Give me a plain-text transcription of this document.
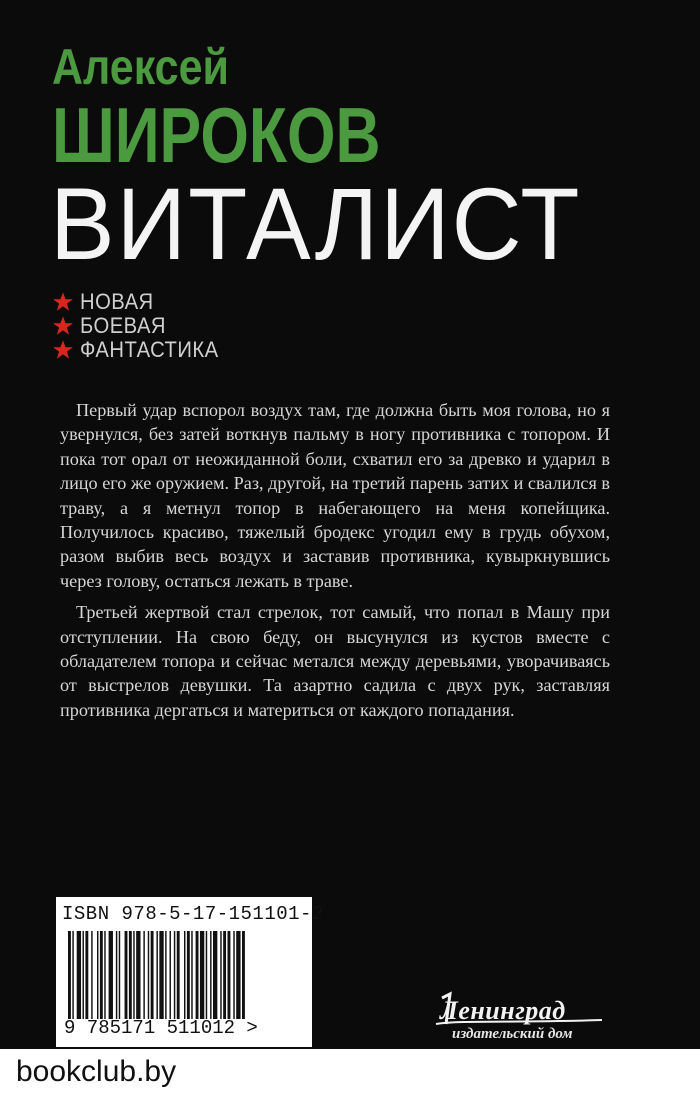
Алексей
ШИРОКОВ
ВИТАЛИСТ
НОВАЯ
БОЕВАЯ
ФАНТАСТИКА

Первый удар вспорол воздух там, где должна быть моя голова, но я увернулся, без затей воткнув пальму в ногу противника с топором. И пока тот орал от неожиданной боли, схватил его за древко и ударил в лицо его же оружием. Раз, другой, на третий парень затих и свалился в траву, а я метнул топор в набегающего на меня копейщика. Получилось красиво, тяжелый бродекс угодил ему в грудь обухом, разом выбив весь воздух и заставив противника, кувыркнувшись через голову, остаться лежать в траве.

Третьей жертвой стал стрелок, тот самый, что попал в Машу при отступлении. На свою беду, он высунулся из кустов вместе с обладателем топора и сейчас метался между деревьями, уворачиваясь от выстрелов девушки. Та азартно садила с двух рук, заставляя противника дергаться и материться от каждого попадания.

ISBN 978-5-17-151101-2
9 785171 511012 >
Ленинград
издательский дом
bookclub.by
